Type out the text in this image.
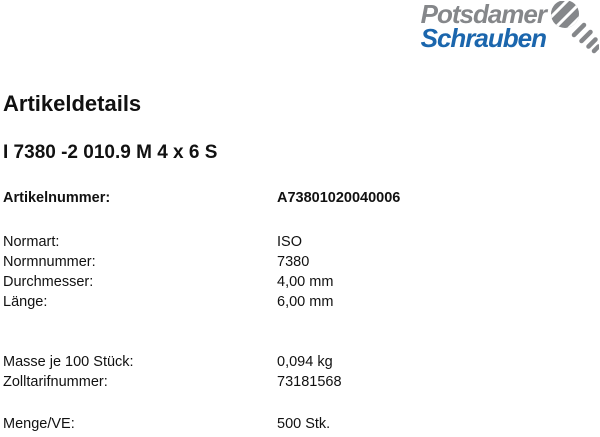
Potsdamer
Schrauben
Artikeldetails
I 7380 -2 010.9 M 4 x 6 S
Artikelnummer:	A73801020040006
Normart:	ISO
Normnummer:	7380
Durchmesser:	4,00 mm
Länge:	6,00 mm
Masse je 100 Stück:	0,094 kg
Zolltarifnummer:	73181568
Menge/VE:	500 Stk.
